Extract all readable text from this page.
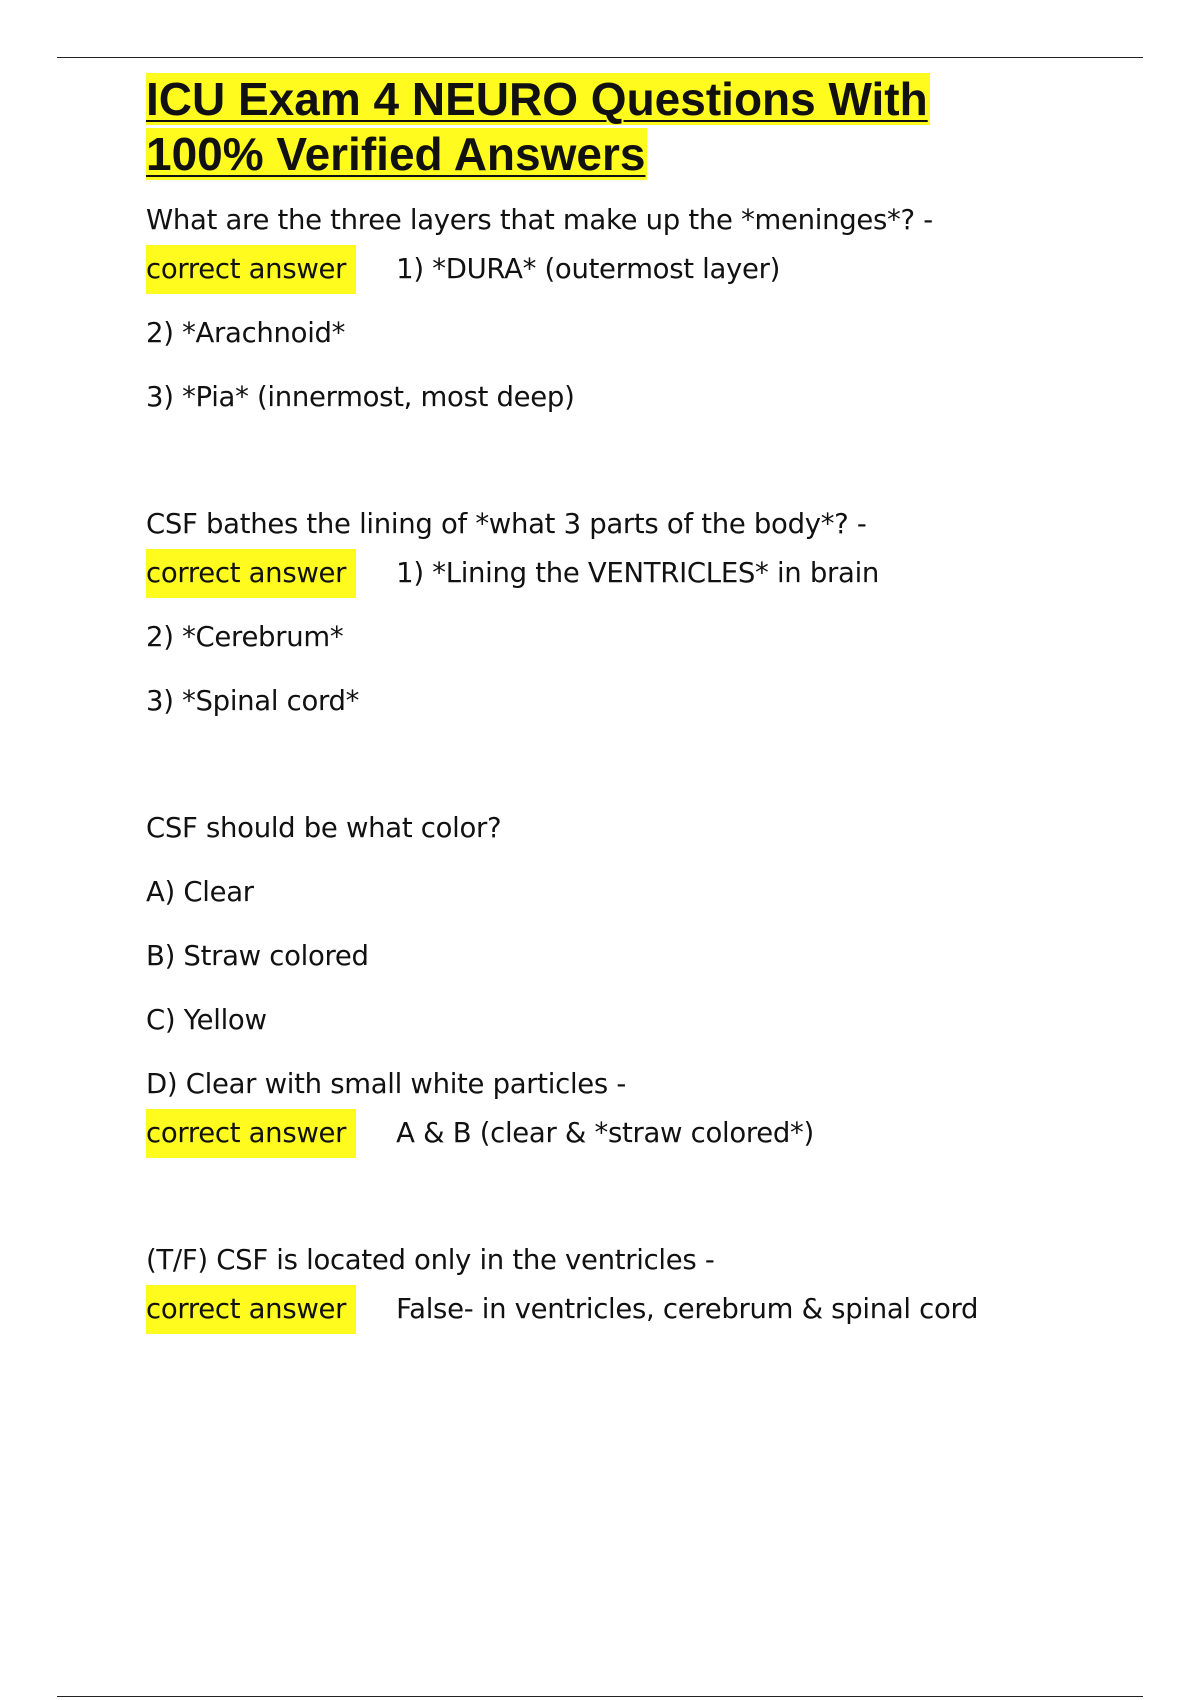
ICU Exam 4 NEURO Questions With
100% Verified Answers
What are the three layers that make up the *meninges*? -
correct answer 1) *DURA* (outermost layer)
2) *Arachnoid*
3) *Pia* (innermost, most deep)
CSF bathes the lining of *what 3 parts of the body*? -
correct answer 1) *Lining the VENTRICLES* in brain
2) *Cerebrum*
3) *Spinal cord*
CSF should be what color?
A) Clear
B) Straw colored
C) Yellow
D) Clear with small white particles -
correct answer A & B (clear & *straw colored*)
(T/F) CSF is located only in the ventricles -
correct answer False- in ventricles, cerebrum & spinal cord
